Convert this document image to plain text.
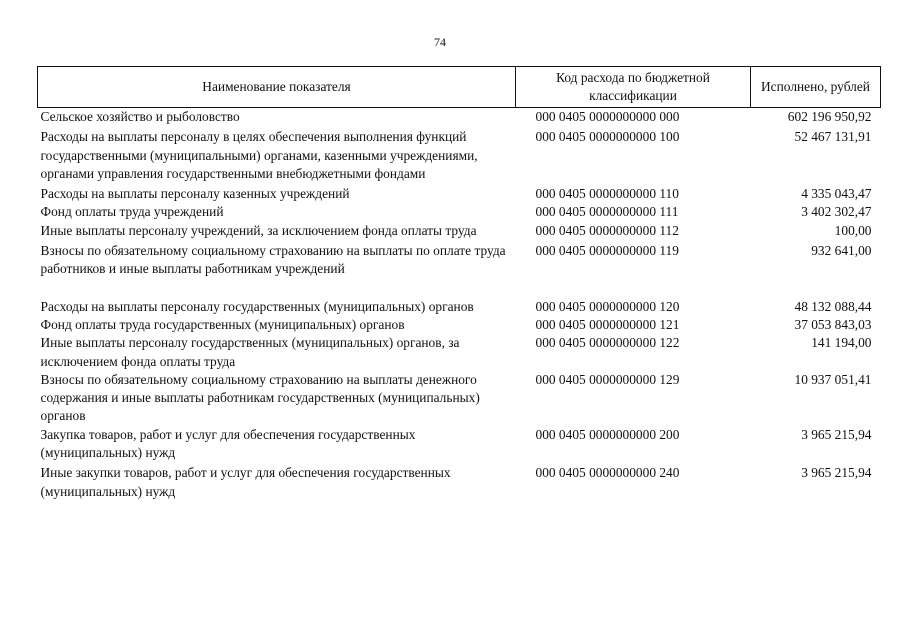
74
Наименование показателя	Код расхода по бюджетной классификации	Исполнено, рублей
Сельское хозяйство и рыболовство	000 0405 0000000000 000	602 196 950,92
Расходы на выплаты персоналу в целях обеспечения выполнения функций государственными (муниципальными) органами, казенными учреждениями, органами управления государственными внебюджетными фондами	000 0405 0000000000 100	52 467 131,91
Расходы на выплаты персоналу казенных учреждений	000 0405 0000000000 110	4 335 043,47
Фонд оплаты труда учреждений	000 0405 0000000000 111	3 402 302,47
Иные выплаты персоналу учреждений, за исключением фонда оплаты труда	000 0405 0000000000 112	100,00
Взносы по обязательному социальному страхованию на выплаты по оплате труда работников и иные выплаты работникам учреждений	000 0405 0000000000 119	932 641,00
Расходы на выплаты персоналу государственных (муниципальных) органов	000 0405 0000000000 120	48 132 088,44
Фонд оплаты труда государственных (муниципальных) органов	000 0405 0000000000 121	37 053 843,03
Иные выплаты персоналу государственных (муниципальных) органов, за исключением фонда оплаты труда	000 0405 0000000000 122	141 194,00
Взносы по обязательному социальному страхованию на выплаты денежного содержания и иные выплаты работникам государственных (муниципальных) органов	000 0405 0000000000 129	10 937 051,41
Закупка товаров, работ и услуг для обеспечения государственных (муниципальных) нужд	000 0405 0000000000 200	3 965 215,94
Иные закупки товаров, работ и услуг для обеспечения государственных (муниципальных) нужд	000 0405 0000000000 240	3 965 215,94
